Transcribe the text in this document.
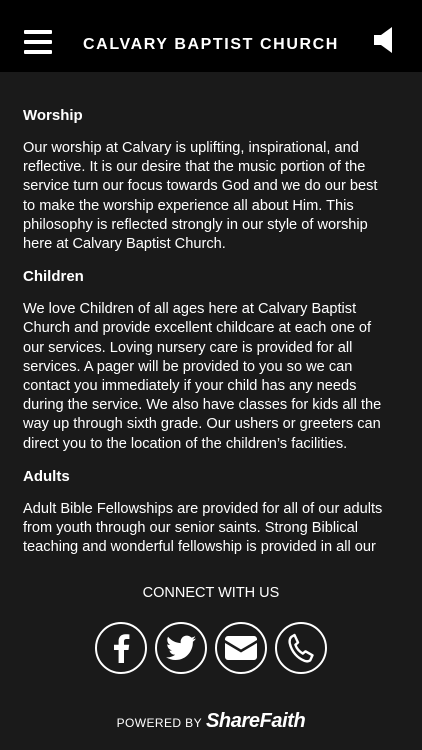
CALVARY BAPTIST CHURCH
Worship
Our worship at Calvary is uplifting, inspirational, and reflective. It is our desire that the music portion of the service turn our focus towards God and we do our best to make the worship experience all about Him. This philosophy is reflected strongly in our style of worship here at Calvary Baptist Church.
Children
We love Children of all ages here at Calvary Baptist Church and provide excellent childcare at each one of our services. Loving nursery care is provided for all services. A pager will be provided to you so we can contact you immediately if your child has any needs during the service. We also have classes for kids all the way up through sixth grade. Our ushers or greeters can direct you to the location of the children’s facilities.
Adults
Adult Bible Fellowships are provided for all of our adults from youth through our senior saints. Strong Biblical teaching and wonderful fellowship is provided in all our
CONNECT WITH US
POWERED BY ShareFaith
